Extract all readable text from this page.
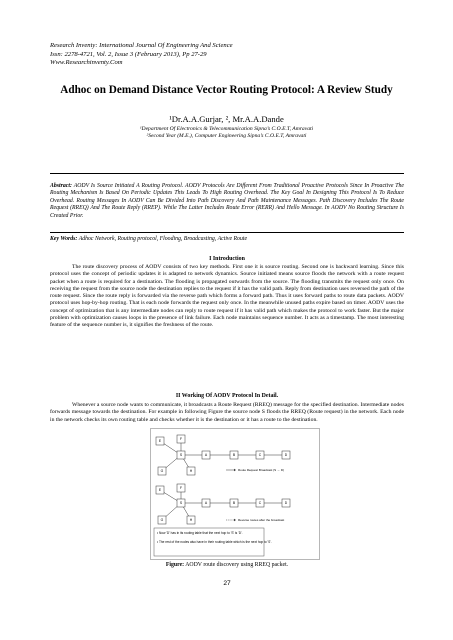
Research Inventy: International Journal Of Engineering And Science
Issn: 2278-4721, Vol. 2, Issue 3 (February 2013), Pp 27-29
Www.Researchinventy.Com
Adhoc on Demand Distance Vector Routing Protocol: A Review Study
¹Dr.A.A.Gurjar, ², Mr.A.A.Dande
¹Department Of Electronics & Telecommunication Sipna’s C.O.E.T, Amravati
²Second Year (M.E.), Computer Engineering Sipna’s C.O.E.T, Amravati
Abstract: AODV Is Source Initiated A Routing Protocol. AODV Protocols Are Different From Traditional Proactive Protocols Since In Proactive The Routing Mechanism Is Based On Periodic Updates This Leads To High Routing Overhead. The Key Goal In Designing This Protocol Is To Reduce Overhead. Routing Messages In AODV Can Be Divided Into Path Discovery And Path Maintenance Messages. Path Discovery Includes The Route Request (RREQ) And The Route Reply (RREP). While The Latter Includes Route Error (RERR) And Hello Message. In AODV No Routing Structure Is Created Prior.
Key Words: Adhoc Network, Routing protocol, Flooding, Broadcasting, Active Route
I Introduction
The route discovery process of AODV consists of two key methods. First one it is source routing. Second one is backward learning. Since this protocol uses the concept of periodic updates it is adapted to network dynamics. Source initiated means source floods the network with a route request packet when a route is required for a destination. The flooding is propagated outwards from the source. The flooding transmits the request only once. On receiving the request from the source node the destination replies to the request if it has the valid path. Reply from destination uses reversed the path of the route request. Since the route reply is forwarded via the reverse path which forms a forward path. Thus it uses forward paths to route data packets. AODV protocol uses hop-by-hop routing. That is each node forwards the request only once. In the meanwhile unused paths expire based on timer. AODV uses the concept of optimization that is any intermediate nodes can reply to route request if it has valid path which makes the protocol to work faster. But the major problem with optimization causes loops in the presence of link failure. Each node maintains sequence number. It acts as a timestamp. The most interesting feature of the sequence number is, it signifies the freshness of the route.
II Working Of AODV Protocol In Detail.
Whenever a source node wants to communicate, it broadcasts a Route Request (RREQ) message for the specified destination. Intermediate nodes forwards message towards the destination. For example in following Figure the source node S floods the RREQ (Route request) in the network. Each node in the network checks its own routing table and checks whether it is the destination or it has a route to the destination.
E	F
S	A	B	C	D
G	H	Route Request Broadcast (S → D)
E	F
S	A	B	C	D
G	H	Reverse routes after the broadcast
• Now 'D' has in its routing table that the next hop to 'S' is 'D'.
• The rest of the nodes also have in their routing table which is the next hop to 'S'.
Figure: AODV route discovery using RREQ packet.
27
